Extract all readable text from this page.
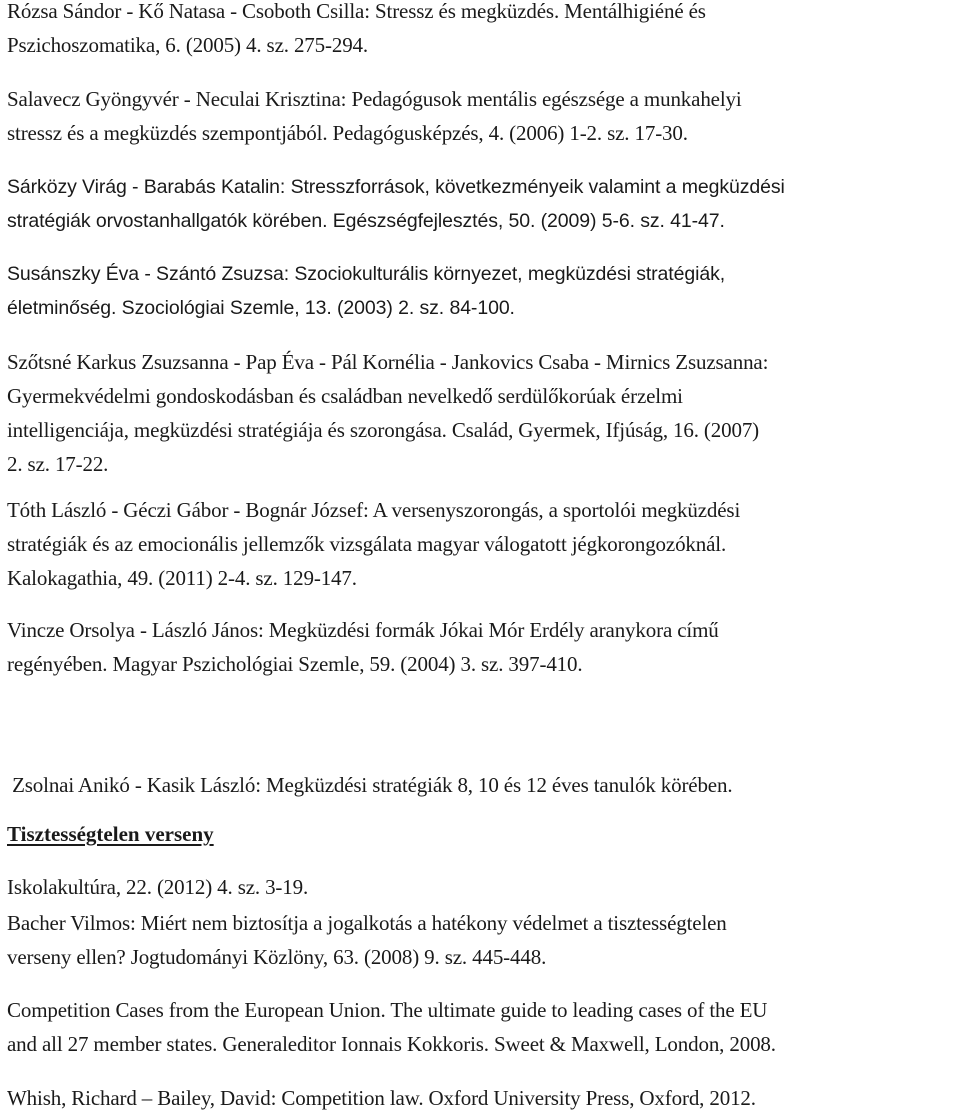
Rózsa Sándor - Kő Natasa - Csoboth Csilla: Stressz és megküzdés. Mentálhigiéné és
Pszichoszomatika, 6. (2005) 4. sz. 275-294.

Salavecz Gyöngyvér - Neculai Krisztina: Pedagógusok mentális egészsége a munkahelyi
stressz és a megküzdés szempontjából. Pedagógusképzés, 4. (2006) 1-2. sz. 17-30.

Sárközy Virág - Barabás Katalin: Stresszforrások, következményeik valamint a megküzdési
stratégiák orvostanhallgatók körében. Egészségfejlesztés, 50. (2009) 5-6. sz. 41-47.

Susánszky Éva - Szántó Zsuzsa: Szociokulturális környezet, megküzdési stratégiák,
életminőség. Szociológiai Szemle, 13. (2003) 2. sz. 84-100.

Szőtsné Karkus Zsuzsanna - Pap Éva - Pál Kornélia - Jankovics Csaba - Mirnics Zsuzsanna:
Gyermekvédelmi gondoskodásban és családban nevelkedő serdülőkorúak érzelmi
intelligenciája, megküzdési stratégiája és szorongása. Család, Gyermek, Ifjúság, 16. (2007)
2. sz. 17-22.

Tóth László - Géczi Gábor - Bognár József: A versenyszorongás, a sportolói megküzdési
stratégiák és az emocionális jellemzők vizsgálata magyar válogatott jégkorongozóknál.
Kalokagathia, 49. (2011) 2-4. sz. 129-147.

Vincze Orsolya - László János: Megküzdési formák Jókai Mór Erdély aranykora című
regényében. Magyar Pszichológiai Szemle, 59. (2004) 3. sz. 397-410.

Zsolnai Anikó - Kasik László: Megküzdési stratégiák 8, 10 és 12 éves tanulók körében.

Iskolakultúra, 22. (2012) 4. sz. 3-19.

Tisztességtelen verseny

Bacher Vilmos: Miért nem biztosítja a jogalkotás a hatékony védelmet a tisztességtelen
verseny ellen? Jogtudományi Közlöny, 63. (2008) 9. sz. 445-448.

Competition Cases from the European Union. The ultimate guide to leading cases of the EU
and all 27 member states. Generaleditor Ionnais Kokkoris. Sweet & Maxwell, London, 2008.

Whish, Richard – Bailey, David: Competition law. Oxford University Press, Oxford, 2012.
